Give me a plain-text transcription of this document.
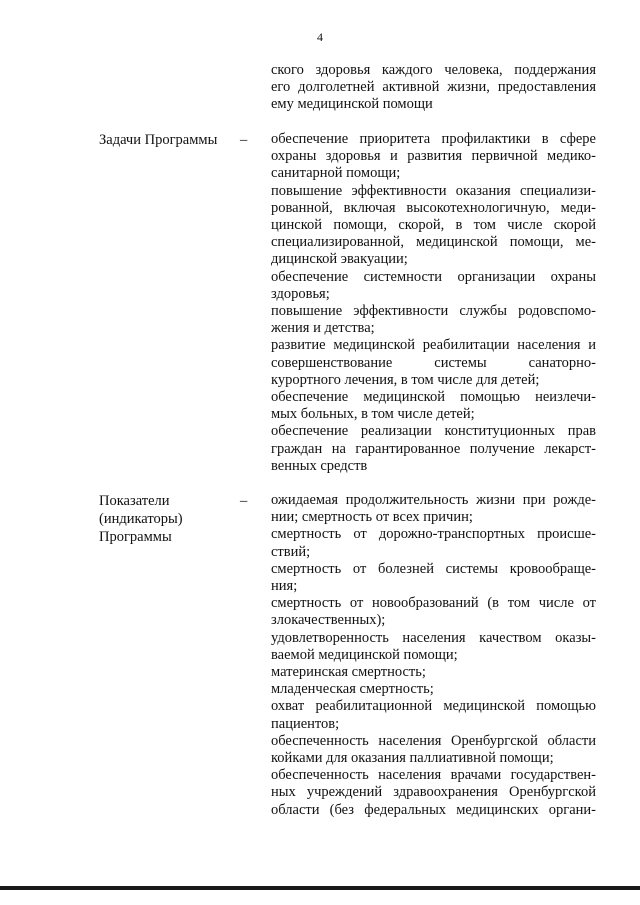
4
ского здоровья каждого человека, поддержания
его долголетней активной жизни, предоставления
ему медицинской помощи
Задачи Программы	– обеспечение приоритета профилактики в сфере
охраны здоровья и развития первичной медико-
санитарной помощи;
повышение эффективности оказания специализи-
рованной, включая высокотехнологичную, меди-
цинской помощи, скорой, в том числе скорой
специализированной, медицинской помощи, ме-
дицинской эвакуации;
обеспечение системности организации охраны
здоровья;
повышение эффективности службы родовспомо-
жения и детства;
развитие медицинской реабилитации населения и
совершенствование системы санаторно-
курортного лечения, в том числе для детей;
обеспечение медицинской помощью неизлечи-
мых больных, в том числе детей;
обеспечение реализации конституционных прав
граждан на гарантированное получение лекарст-
венных средств
Показатели
(индикаторы)
Программы
– ожидаемая продолжительность жизни при рожде-
нии; смертность от всех причин;
смертность от дорожно-транспортных происше-
ствий;
смертность от болезней системы кровообраще-
ния;
смертность от новообразований (в том числе от
злокачественных);
удовлетворенность населения качеством оказы-
ваемой медицинской помощи;
материнская смертность;
младенческая смертность;
охват реабилитационной медицинской помощью
пациентов;
обеспеченность населения Оренбургской области
койками для оказания паллиативной помощи;
обеспеченность населения врачами государствен-
ных учреждений здравоохранения Оренбургской
области (без федеральных медицинских органи-
